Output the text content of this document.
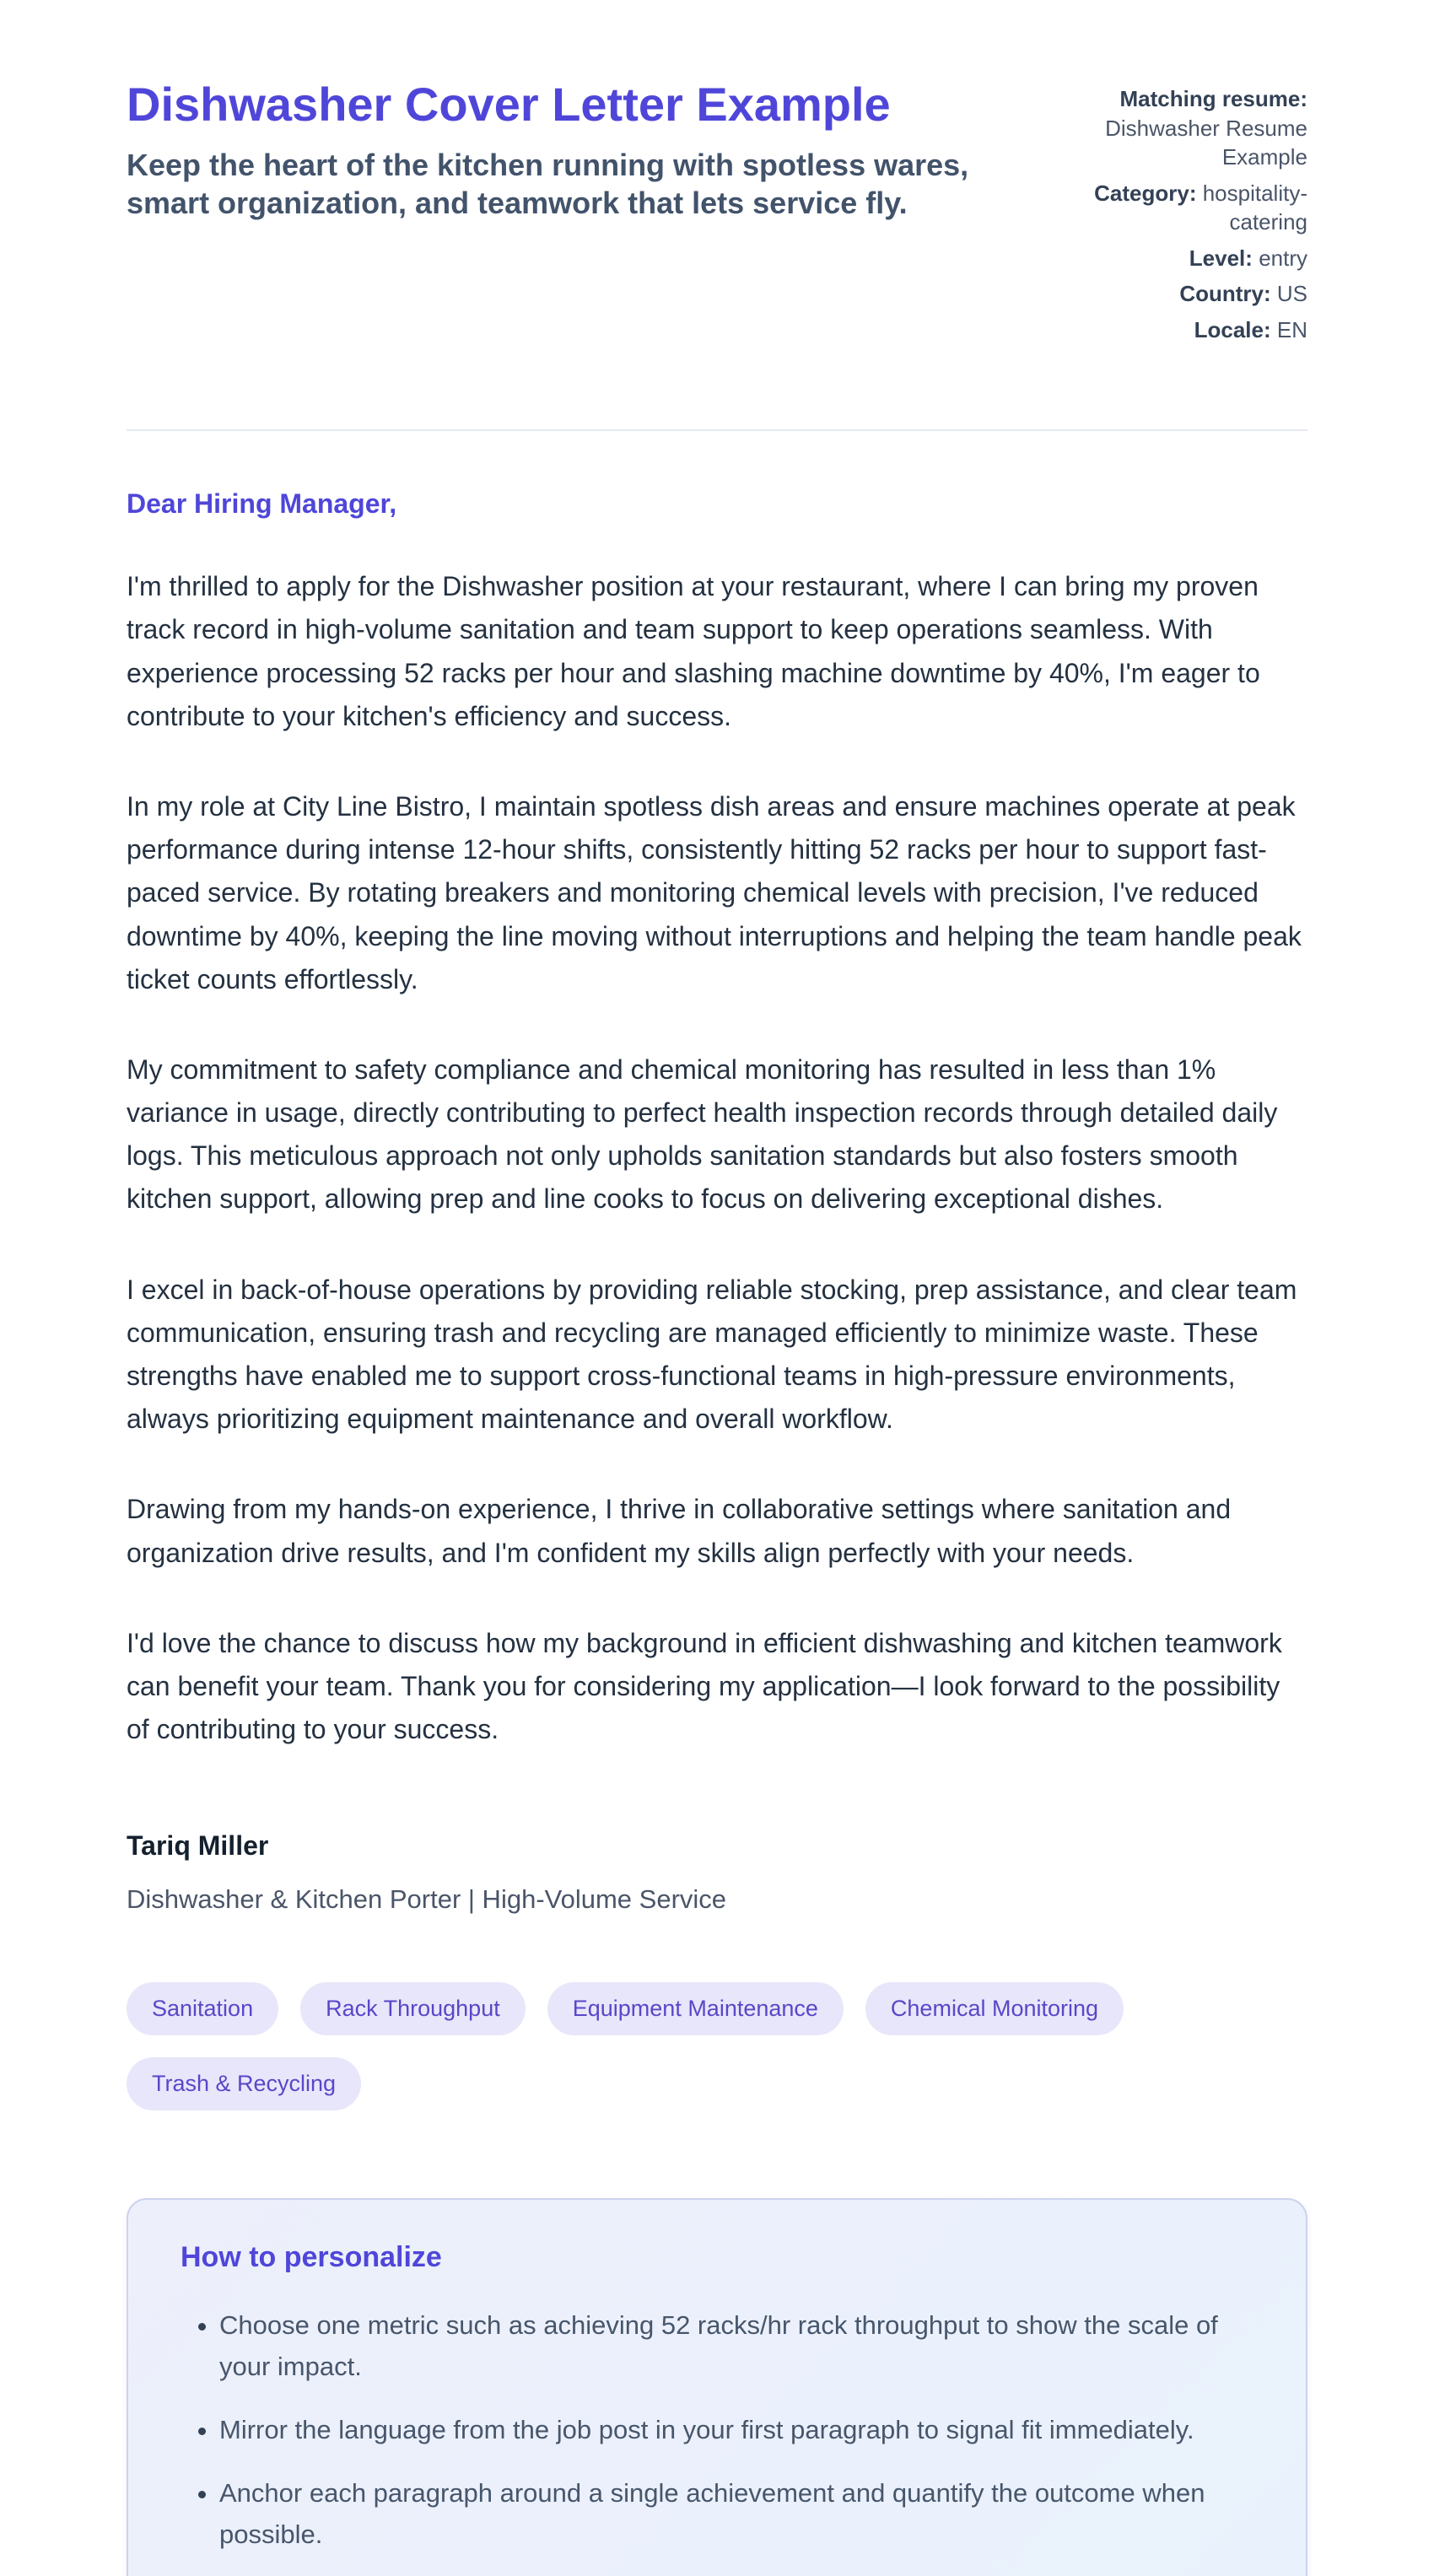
Dishwasher Cover Letter Example

Keep the heart of the kitchen running with spotless wares, smart organization, and teamwork that lets service fly.

Matching resume: Dishwasher Resume Example
Category: hospitality-catering
Level: entry
Country: US
Locale: EN
Dear Hiring Manager,

I'm thrilled to apply for the Dishwasher position at your restaurant, where I can bring my proven track record in high-volume sanitation and team support to keep operations seamless. With experience processing 52 racks per hour and slashing machine downtime by 40%, I'm eager to contribute to your kitchen's efficiency and success.

In my role at City Line Bistro, I maintain spotless dish areas and ensure machines operate at peak performance during intense 12-hour shifts, consistently hitting 52 racks per hour to support fast-paced service. By rotating breakers and monitoring chemical levels with precision, I've reduced downtime by 40%, keeping the line moving without interruptions and helping the team handle peak ticket counts effortlessly.

My commitment to safety compliance and chemical monitoring has resulted in less than 1% variance in usage, directly contributing to perfect health inspection records through detailed daily logs. This meticulous approach not only upholds sanitation standards but also fosters smooth kitchen support, allowing prep and line cooks to focus on delivering exceptional dishes.

I excel in back-of-house operations by providing reliable stocking, prep assistance, and clear team communication, ensuring trash and recycling are managed efficiently to minimize waste. These strengths have enabled me to support cross-functional teams in high-pressure environments, always prioritizing equipment maintenance and overall workflow.

Drawing from my hands-on experience, I thrive in collaborative settings where sanitation and organization drive results, and I'm confident my skills align perfectly with your needs.

I'd love the chance to discuss how my background in efficient dishwashing and kitchen teamwork can benefit your team. Thank you for considering my application—I look forward to the possibility of contributing to your success.

Tariq Miller
Dishwasher & Kitchen Porter | High-Volume Service
Sanitation	Rack Throughput	Equipment Maintenance	Chemical Monitoring
Trash & Recycling
How to personalize
• Choose one metric such as achieving 52 racks/hr rack throughput to show the scale of your impact.
• Mirror the language from the job post in your first paragraph to signal fit immediately.
• Anchor each paragraph around a single achievement and quantify the outcome when possible.
